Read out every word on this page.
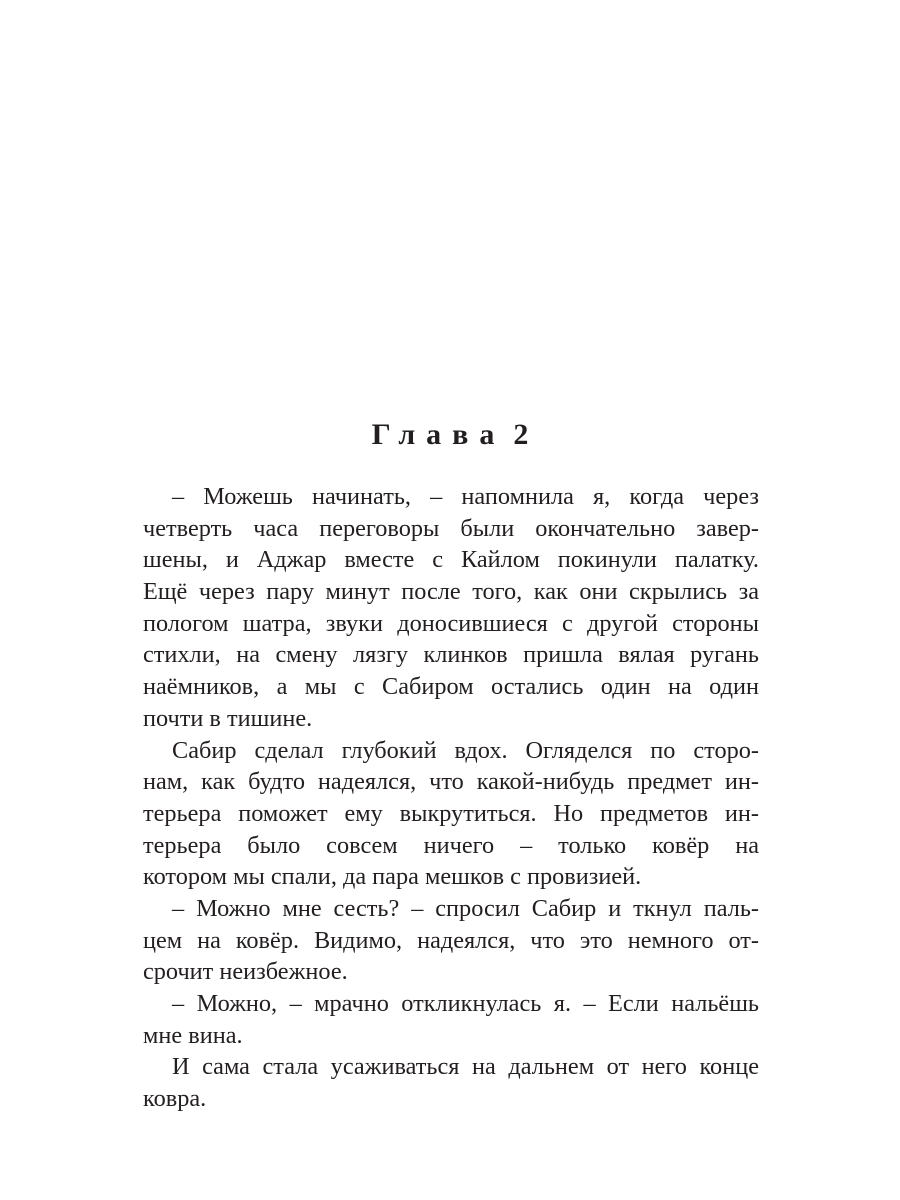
Глава 2
– Можешь начинать, – напомнила я, когда через
четверть часа переговоры были окончательно завер-
шены, и Аджар вместе с Кайлом покинули палатку.
Ещё через пару минут после того, как они скрылись за
пологом шатра, звуки доносившиеся с другой стороны
стихли, на смену лязгу клинков пришла вялая ругань
наёмников, а мы с Сабиром остались один на один
почти в тишине.
Сабир сделал глубокий вдох. Огляделся по сторо-
нам, как будто надеялся, что какой-нибудь предмет ин-
терьера поможет ему выкрутиться. Но предметов ин-
терьера было совсем ничего – только ковёр на
котором мы спали, да пара мешков с провизией.
– Можно мне сесть? – спросил Сабир и ткнул паль-
цем на ковёр. Видимо, надеялся, что это немного от-
срочит неизбежное.
– Можно, – мрачно откликнулась я. – Если нальёшь
мне вина.
И сама стала усаживаться на дальнем от него конце
ковра.
